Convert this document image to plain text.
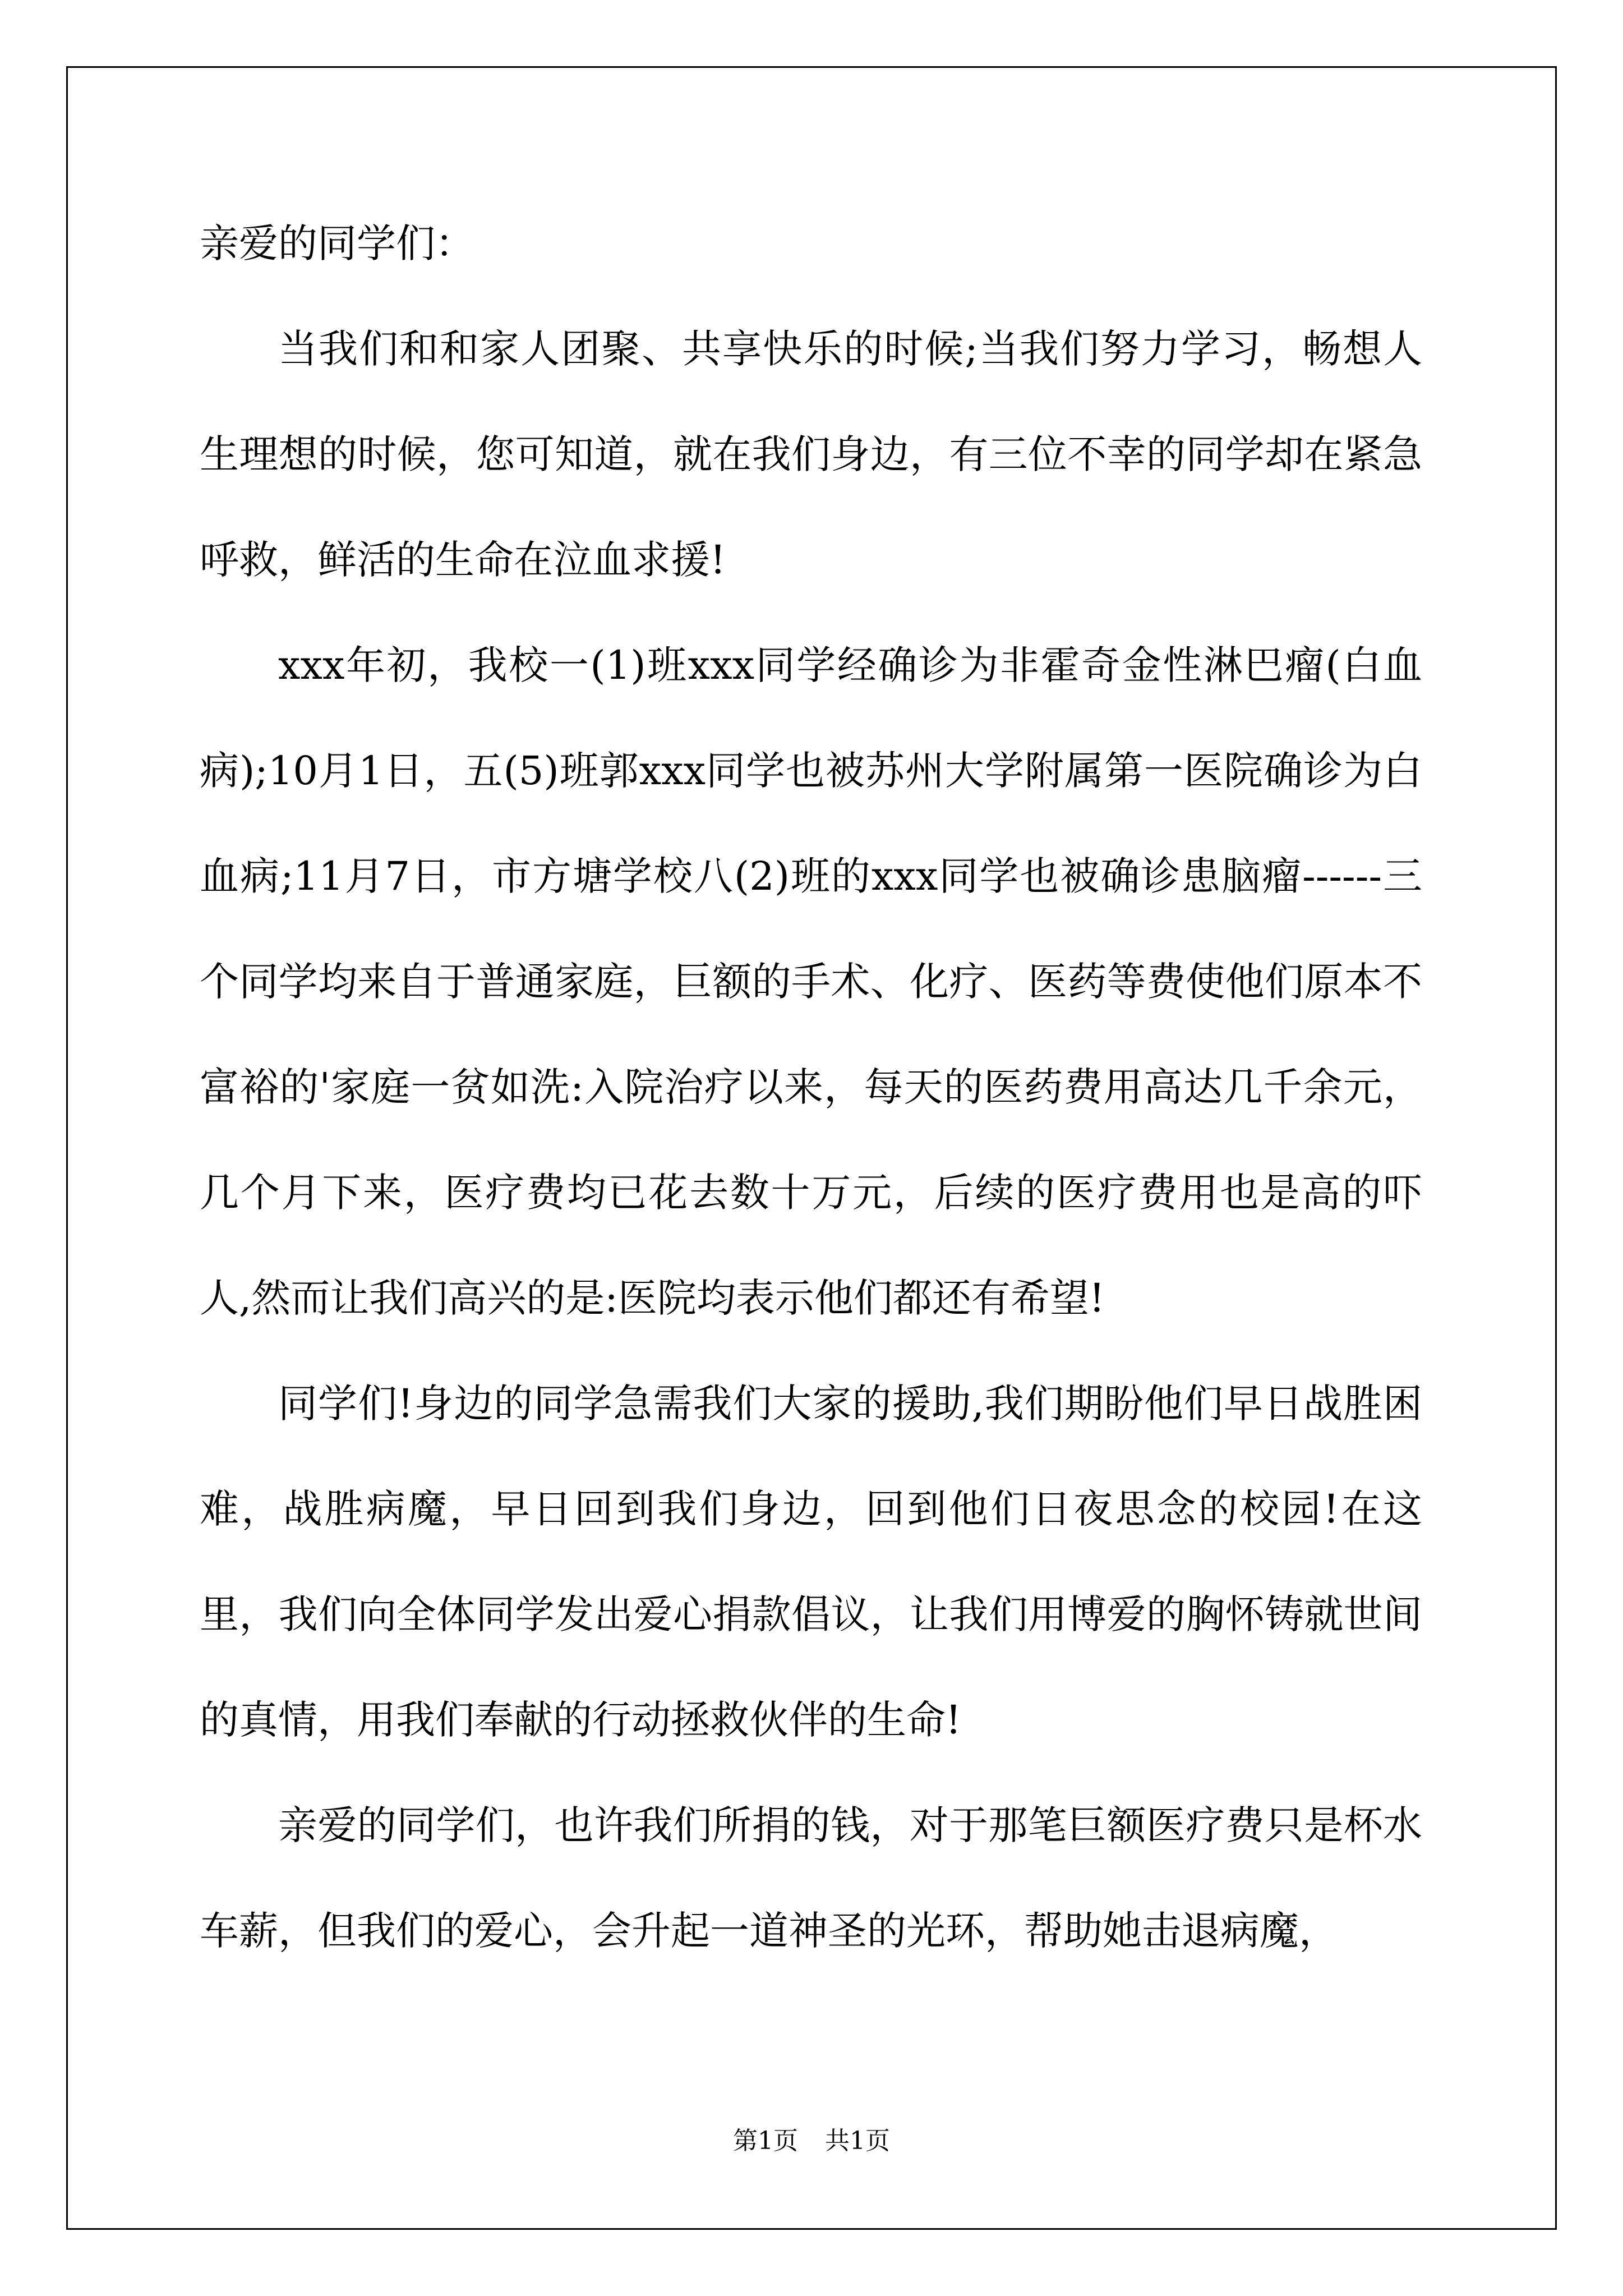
亲爱的同学们：

当我们和和家人团聚、共享快乐的时候;当我们努力学习，畅想人生理想的时候，您可知道，就在我们身边，有三位不幸的同学却在紧急呼救，鲜活的生命在泣血求援!

xxx年初，我校一(1)班xxx同学经确诊为非霍奇金性淋巴瘤(白血病);10月1日，五(5)班郭xxx同学也被苏州大学附属第一医院确诊为白血病;11月7日，市方塘学校八(2)班的xxx同学也被确诊患脑瘤------三个同学均来自于普通家庭，巨额的手术、化疗、医药等费使他们原本不富裕的'家庭一贫如洗:入院治疗以来，每天的医药费用高达几千余元，几个月下来，医疗费均已花去数十万元，后续的医疗费用也是高的吓人,然而让我们高兴的是:医院均表示他们都还有希望!

同学们!身边的同学急需我们大家的援助,我们期盼他们早日战胜困难，战胜病魔，早日回到我们身边，回到他们日夜思念的校园!在这里，我们向全体同学发出爱心捐款倡议，让我们用博爱的胸怀铸就世间的真情，用我们奉献的行动拯救伙伴的生命!

亲爱的同学们，也许我们所捐的钱，对于那笔巨额医疗费只是杯水车薪，但我们的爱心，会升起一道神圣的光环，帮助她击退病魔，

第1页 共1页
